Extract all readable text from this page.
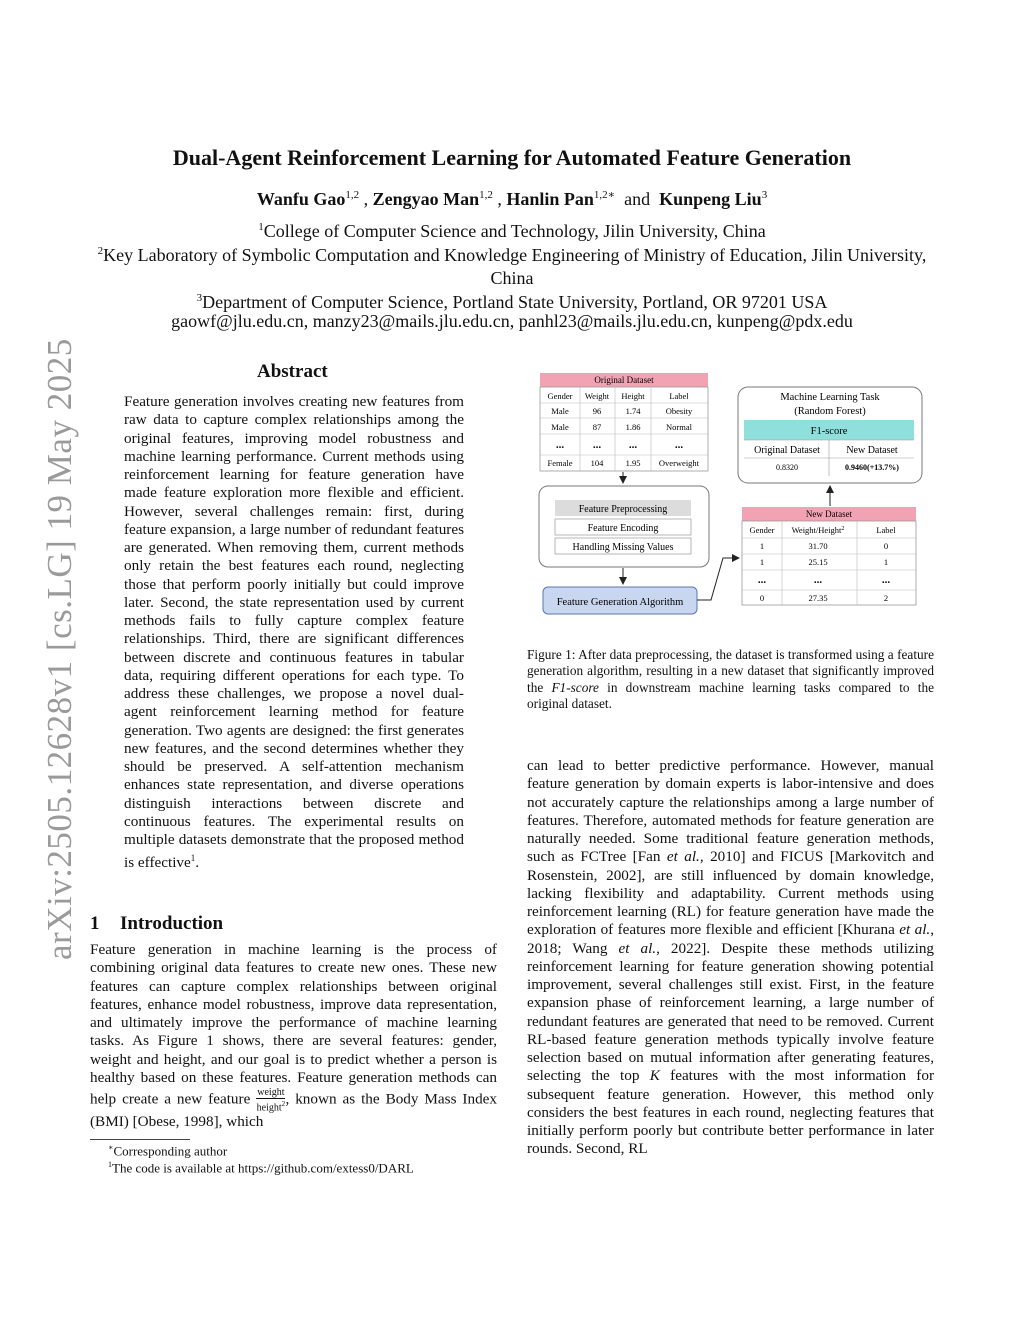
arXiv:2505.12628v1 [cs.LG] 19 May 2025
Dual-Agent Reinforcement Learning for Automated Feature Generation
Wanfu Gao$^{1,2}$ , Zengyao Man$^{1,2}$ , Hanlin Pan$^{1,2∗}$ and Kunpeng Liu$^3$
$^1$College of Computer Science and Technology, Jilin University, China
$^2$Key Laboratory of Symbolic Computation and Knowledge Engineering of Ministry of Education, Jilin University, China
$^3$Department of Computer Science, Portland State University, Portland, OR 97201 USA
gaowf@jlu.edu.cn, manzy23@mails.jlu.edu.cn, panhl23@mails.jlu.edu.cn, kunpeng@pdx.edu
Abstract
Feature generation involves creating new features from raw data to capture complex relationships among the original features, improving model robustness and machine learning performance. Current methods using reinforcement learning for feature generation have made feature exploration more flexible and efficient. However, several challenges remain: first, during feature expansion, a large number of redundant features are generated. When removing them, current methods only retain the best features each round, neglecting those that perform poorly initially but could improve later. Second, the state representation used by current methods fails to fully capture complex feature relationships. Third, there are significant differences between discrete and continuous features in tabular data, requiring different operations for each type. To address these challenges, we propose a novel dual-agent reinforcement learning method for feature generation. Two agents are designed: the first generates new features, and the second determines whether they should be preserved. A self-attention mechanism enhances state representation, and diverse operations distinguish interactions between discrete and continuous features. The experimental results on multiple datasets demonstrate that the proposed method is effective$^1$.
1 Introduction
Feature generation in machine learning is the process of combining original data features to create new ones. These new features can capture complex relationships between original features, enhance model robustness, improve data representation, and ultimately improve the performance of machine learning tasks. As Figure 1 shows, there are several features: gender, weight and height, and our goal is to predict whether a person is healthy based on these features. Feature generation methods can help create a new feature $\frac{\text{weight}}{height^2}$ , known as the Body Mass Index (BMI) [Obese, 1998], which
Original Dataset
Gender Weight Height	Label
Male	96	1.74	Obesity
Male	87	1.86	Normal
...	...	...	...
Female 104	1.95 Overweight
Feature Preprocessing
Feature Encoding
Handling Missing Values
Feature Generation Algorithm
Machine Learning Task
(Random Forest)
F1-score
Original Dataset	New Dataset
0.8320	0.9460(+13.7%)
New Dataset
Gender Weight/Height$^2$	Label
1	31.70	0
1	25.15	1
...	...	...
0	27.35	2
Figure 1: After data preprocessing, the dataset is transformed using a feature generation algorithm, resulting in a new dataset that significantly improved the F1-score in downstream machine learning tasks compared to the original dataset.
can lead to better predictive performance. However, manual feature generation by domain experts is labor-intensive and does not accurately capture the relationships among a large number of features. Therefore, automated methods for feature generation are naturally needed. Some traditional feature generation methods, such as FCTree [Fan et al., 2010] and FICUS [Markovitch and Rosenstein, 2002], are still influenced by domain knowledge, lacking flexibility and adaptability. Current methods using reinforcement learning (RL) for feature generation have made the exploration of features more flexible and efficient [Khurana et al., 2018; Wang et al., 2022]. Despite these methods utilizing reinforcement learning for feature generation showing potential improvement, several challenges still exist. First, in the feature expansion phase of reinforcement learning, a large number of redundant features are generated that need to be removed. Current RL-based feature generation methods typically involve feature selection based on mutual information after generating features, selecting the top K features with the most information for subsequent feature generation. However, this method only considers the best features in each round, neglecting features that initially perform poorly but contribute better performance in later rounds. Second, RL
∗Corresponding author
$^1$The code is available at https://github.com/extess0/DARL
